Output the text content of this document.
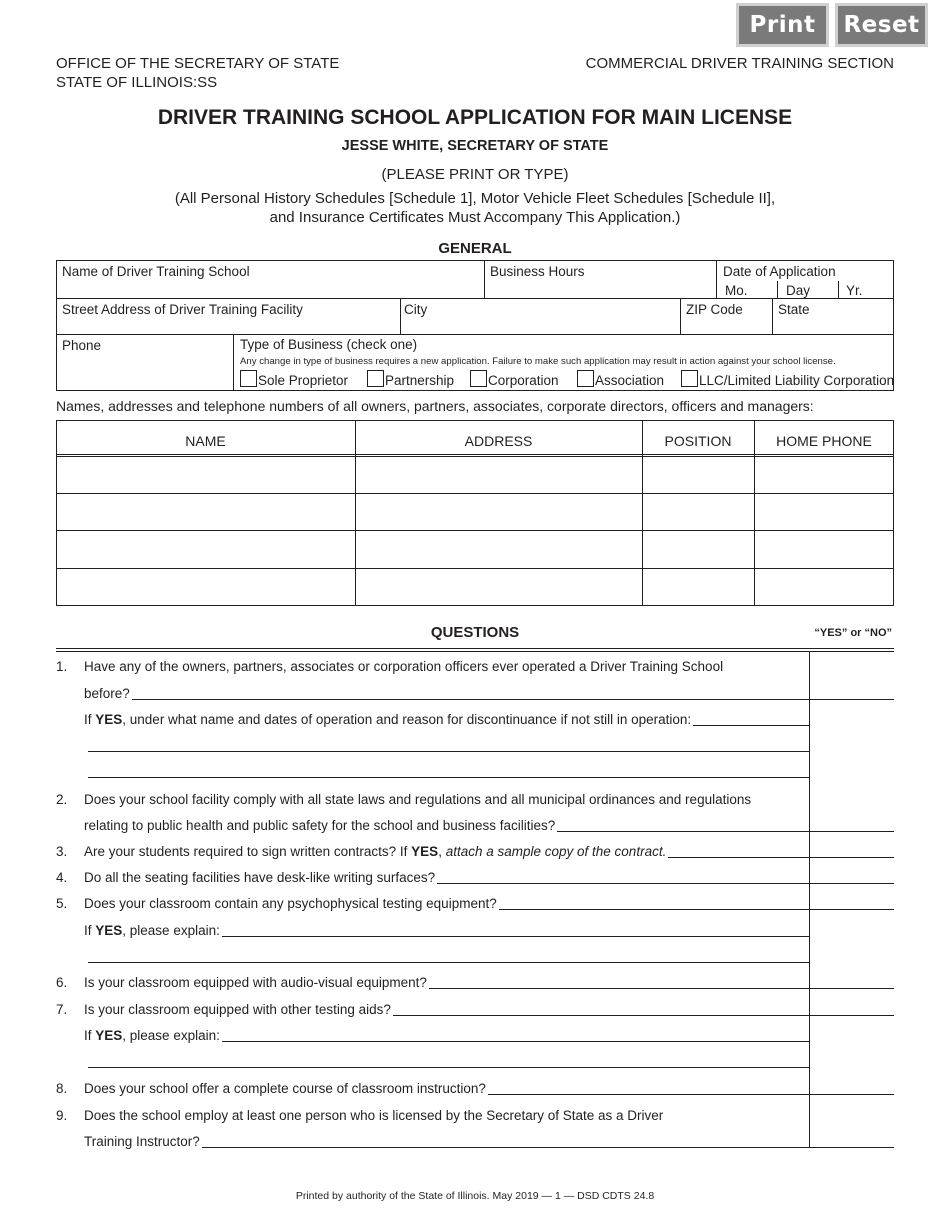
Print	Reset
OFFICE OF THE SECRETARY OF STATE
STATE OF ILLINOIS:SS
COMMERCIAL DRIVER TRAINING SECTION
DRIVER TRAINING SCHOOL APPLICATION FOR MAIN LICENSE
JESSE WHITE, SECRETARY OF STATE
(PLEASE PRINT OR TYPE)
(All Personal History Schedules [Schedule 1], Motor Vehicle Fleet Schedules [Schedule II],
and Insurance Certificates Must Accompany This Application.)
GENERAL
Name of Driver Training School	Business Hours	Date of Application
Mo.	Day	Yr.
Street Address of Driver Training Facility	City	ZIP Code	State
Phone	Type of Business (check one)
Any change in type of business requires a new application. Failure to make such application may result in action against your school license.
Sole Proprietor	Partnership	Corporation	Association	LLC/Limited Liability Corporation
Names, addresses and telephone numbers of all owners, partners, associates, corporate directors, officers and managers:
NAME	ADDRESS	POSITION	HOME PHONE
QUESTIONS	“YES” or “NO”
1. Have any of the owners, partners, associates or corporation officers ever operated a Driver Training School
before?
If YES, under what name and dates of operation and reason for discontinuance if not still in operation:
2. Does your school facility comply with all state laws and regulations and all municipal ordinances and regulations
relating to public health and public safety for the school and business facilities?
3. Are your students required to sign written contracts? If YES, attach a sample copy of the contract.
4. Do all the seating facilities have desk-like writing surfaces?
5. Does your classroom contain any psychophysical testing equipment?
If YES, please explain:
6. Is your classroom equipped with audio-visual equipment?
7. Is your classroom equipped with other testing aids?
If YES, please explain:
8. Does your school offer a complete course of classroom instruction?
9. Does the school employ at least one person who is licensed by the Secretary of State as a Driver
Training Instructor?
Printed by authority of the State of Illinois. May 2019 — 1 — DSD CDTS 24.8
